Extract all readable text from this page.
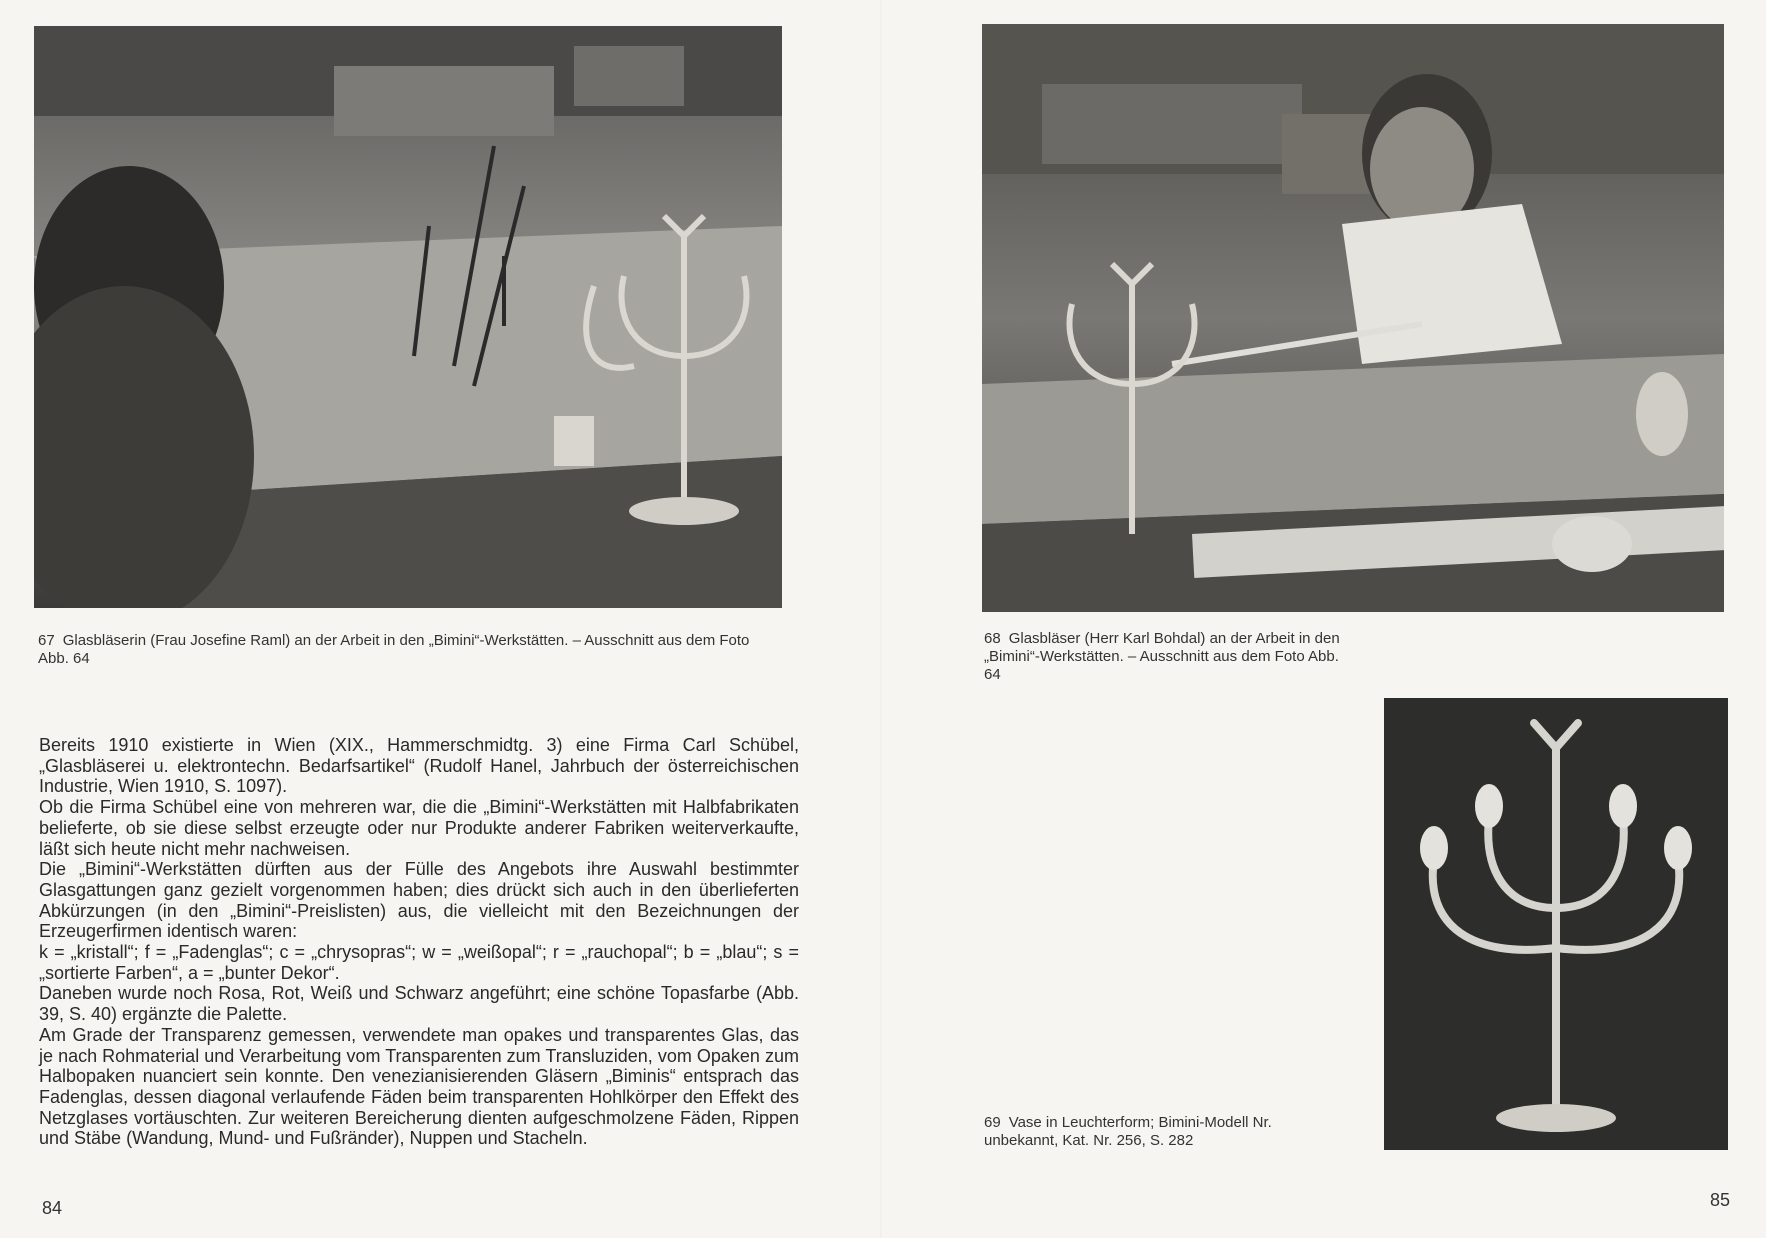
67 Glasbläserin (Frau Josefine Raml) an der Arbeit in den „Bimini“-Werkstätten. – Ausschnitt aus dem Foto Abb. 64

Bereits 1910 existierte in Wien (XIX., Hammerschmidtg. 3) eine Firma Carl Schübel, „Glasbläserei u. elektrontechn. Bedarfsartikel“ (Rudolf Hanel, Jahrbuch der österreichischen Industrie, Wien 1910, S. 1097).

Ob die Firma Schübel eine von mehreren war, die die „Bimini“-Werkstätten mit Halbfabrikaten belieferte, ob sie diese selbst erzeugte oder nur Produkte anderer Fabriken weiterverkaufte, läßt sich heute nicht mehr nachweisen.

Die „Bimini“-Werkstätten dürften aus der Fülle des Angebots ihre Auswahl bestimmter Glasgattungen ganz gezielt vorgenommen haben; dies drückt sich auch in den überlieferten Abkürzungen (in den „Bimini“-Preislisten) aus, die vielleicht mit den Bezeichnungen der Erzeugerfirmen identisch waren:

k = „kristall“; f = „Fadenglas“; c = „chrysopras“; w = „weißopal“; r = „rauchopal“; b = „blau“; s = „sortierte Farben“, a = „bunter Dekor“.

Daneben wurde noch Rosa, Rot, Weiß und Schwarz angeführt; eine schöne Topasfarbe (Abb. 39, S. 40) ergänzte die Palette.

Am Grade der Transparenz gemessen, verwendete man opakes und transparentes Glas, das je nach Rohmaterial und Verarbeitung vom Transparenten zum Transluziden, vom Opaken zum Halbopaken nuanciert sein konnte. Den venezianisierenden Gläsern „Biminis“ entsprach das Fadenglas, dessen diagonal verlaufende Fäden beim transparenten Hohlkörper den Effekt des Netzglases vortäuschten. Zur weiteren Bereicherung dienten aufgeschmolzene Fäden, Rippen und Stäbe (Wandung, Mund- und Fußränder), Nuppen und Stacheln.

84
68 Glasbläser (Herr Karl Bohdal) an der Arbeit in den „Bimini“-Werkstätten. – Ausschnitt aus dem Foto Abb. 64
69 Vase in Leuchterform; Bimini-Modell Nr. unbekannt, Kat. Nr. 256, S. 282
85
